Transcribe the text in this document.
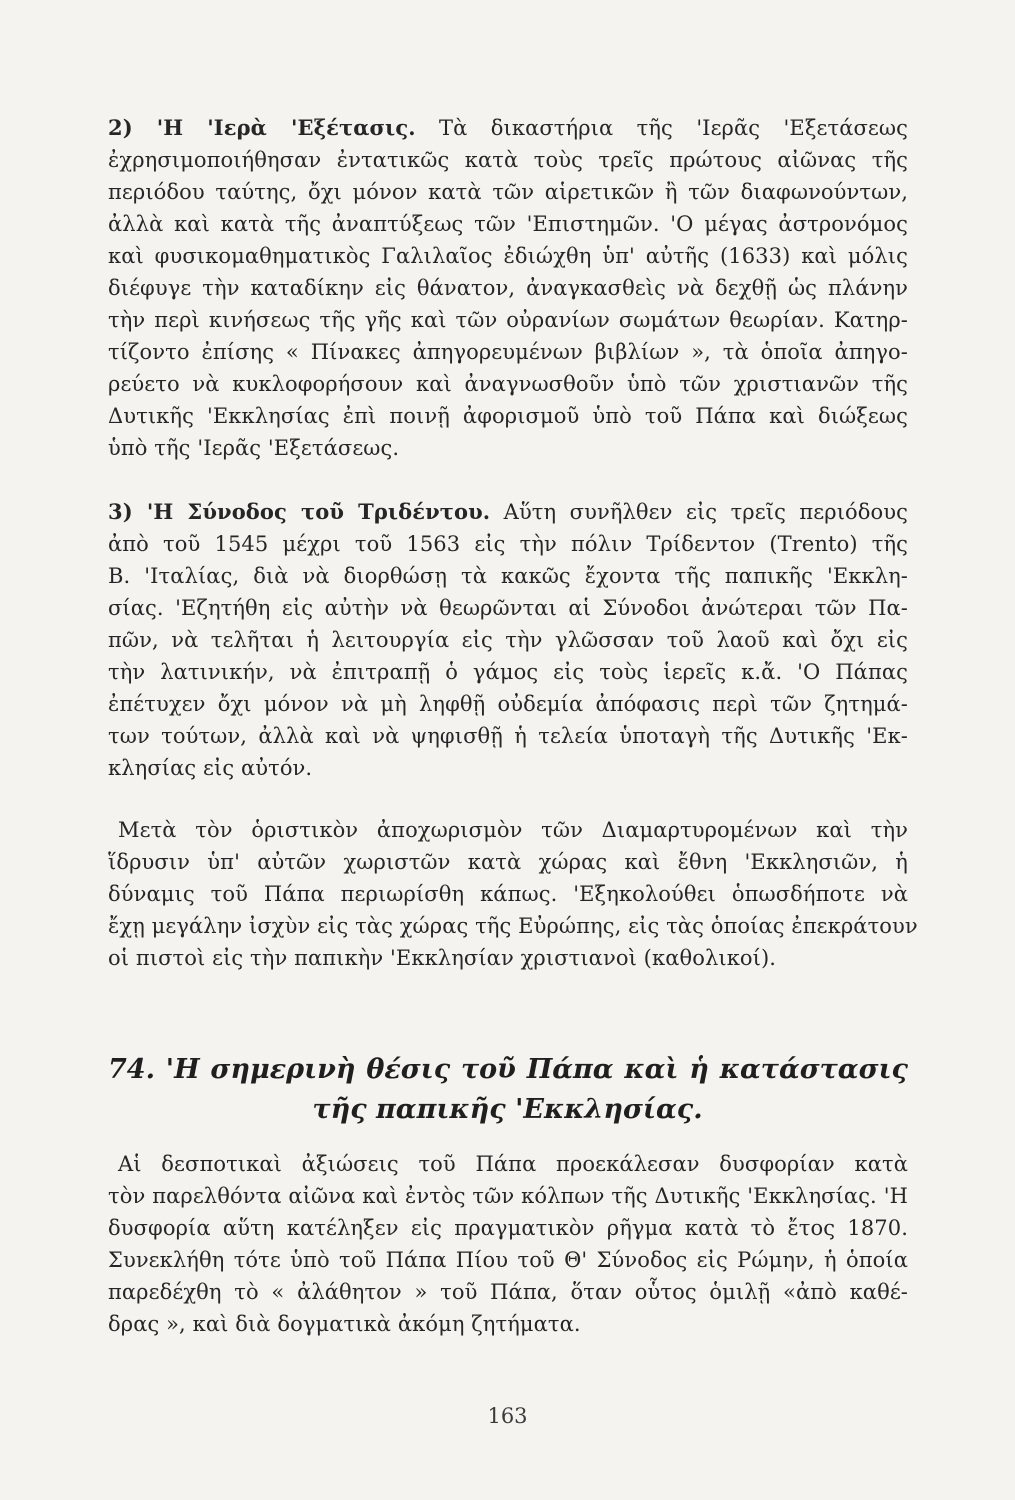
2) 'Η 'Ιερὰ 'Εξέτασις. Τὰ δικαστήρια τῆς 'Ιερᾶς 'Εξετάσεως
ἐχρησιμοποιήθησαν ἐντατικῶς κατὰ τοὺς τρεῖς πρώτους αἰῶνας τῆς
περιόδου ταύτης, ὄχι μόνον κατὰ τῶν αἱρετικῶν ἢ τῶν διαφωνούντων,
ἀλλὰ καὶ κατὰ τῆς ἀναπτύξεως τῶν 'Επιστημῶν. 'Ο μέγας ἀστρονόμος
καὶ φυσικομαθηματικὸς Γαλιλαῖος ἐδιώχθη ὑπ' αὐτῆς (1633) καὶ μόλις
διέφυγε τὴν καταδίκην εἰς θάνατον, ἀναγκασθεὶς νὰ δεχθῇ ὡς πλάνην
τὴν περὶ κινήσεως τῆς γῆς καὶ τῶν οὐρανίων σωμάτων θεωρίαν. Κατηρ-
τίζοντο ἐπίσης « Πίνακες ἀπηγορευμένων βιβλίων », τὰ ὁποῖα ἀπηγο-
ρεύετο νὰ κυκλοφορήσουν καὶ ἀναγνωσθοῦν ὑπὸ τῶν χριστιανῶν τῆς
Δυτικῆς 'Εκκλησίας ἐπὶ ποινῇ ἀφορισμοῦ ὑπὸ τοῦ Πάπα καὶ διώξεως
ὑπὸ τῆς 'Ιερᾶς 'Εξετάσεως.
3) 'Η Σύνοδος τοῦ Τριδέντου. Αὕτη συνῆλθεν εἰς τρεῖς περιόδους
ἀπὸ τοῦ 1545 μέχρι τοῦ 1563 εἰς τὴν πόλιν Τρίδεντον (Trento) τῆς
Β. 'Ιταλίας, διὰ νὰ διορθώσῃ τὰ κακῶς ἔχοντα τῆς παπικῆς 'Εκκλη-
σίας. 'Εζητήθη εἰς αὐτὴν νὰ θεωρῶνται αἱ Σύνοδοι ἀνώτεραι τῶν Πα-
πῶν, νὰ τελῆται ἡ λειτουργία εἰς τὴν γλῶσσαν τοῦ λαοῦ καὶ ὄχι εἰς
τὴν λατινικήν, νὰ ἐπιτραπῇ ὁ γάμος εἰς τοὺς ἱερεῖς κ.ἄ. 'Ο Πάπας
ἐπέτυχεν ὄχι μόνον νὰ μὴ ληφθῇ οὐδεμία ἀπόφασις περὶ τῶν ζητημά-
των τούτων, ἀλλὰ καὶ νὰ ψηφισθῇ ἡ τελεία ὑποταγὴ τῆς Δυτικῆς 'Εκ-
κλησίας εἰς αὐτόν.
Μετὰ τὸν ὁριστικὸν ἀποχωρισμὸν τῶν Διαμαρτυρομένων καὶ τὴν
ἵδρυσιν ὑπ' αὐτῶν χωριστῶν κατὰ χώρας καὶ ἔθνη 'Εκκλησιῶν, ἡ
δύναμις τοῦ Πάπα περιωρίσθη κάπως. 'Εξηκολούθει ὁπωσδήποτε νὰ
ἔχῃ μεγάλην ἰσχὺν εἰς τὰς χώρας τῆς Εὐρώπης, εἰς τὰς ὁποίας ἐπεκράτουν
οἱ πιστοὶ εἰς τὴν παπικὴν 'Εκκλησίαν χριστιανοὶ (καθολικοί).
74. 'Η σημερινὴ θέσις τοῦ Πάπα καὶ ἡ κατάστασις
τῆς παπικῆς 'Εκκλησίας.
Αἱ δεσποτικαὶ ἀξιώσεις τοῦ Πάπα προεκάλεσαν δυσφορίαν κατὰ
τὸν παρελθόντα αἰῶνα καὶ ἐντὸς τῶν κόλπων τῆς Δυτικῆς 'Εκκλησίας. 'Η
δυσφορία αὕτη κατέληξεν εἰς πραγματικὸν ρῆγμα κατὰ τὸ ἔτος 1870.
Συνεκλήθη τότε ὑπὸ τοῦ Πάπα Πίου τοῦ Θ' Σύνοδος εἰς Ρώμην, ἡ ὁποία
παρεδέχθη τὸ « ἀλάθητον » τοῦ Πάπα, ὅταν οὗτος ὁμιλῇ «ἀπὸ καθέ-
δρας », καὶ διὰ δογματικὰ ἀκόμη ζητήματα.
163
